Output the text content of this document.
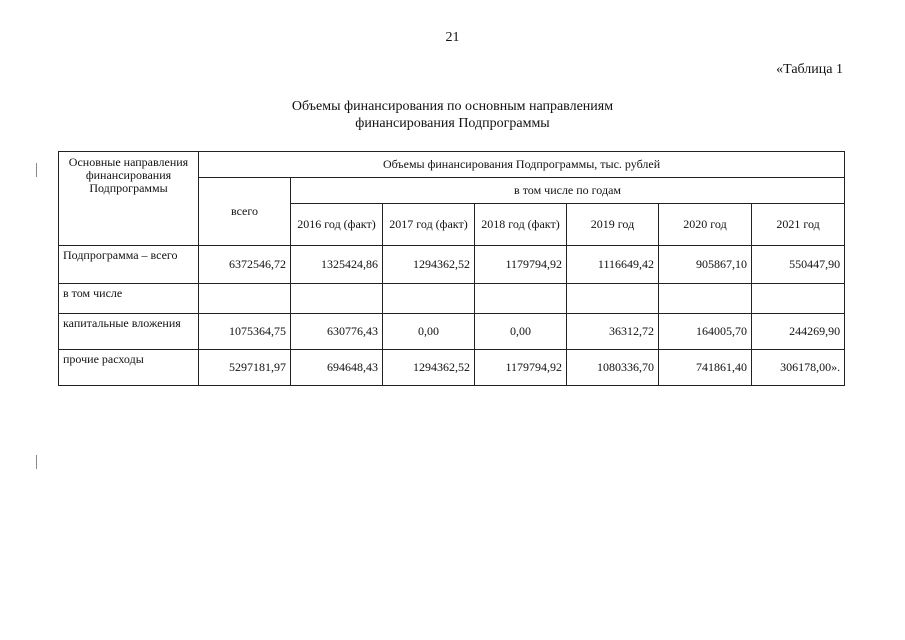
21
«Таблица 1
Объемы финансирования по основным направлениям
финансирования Подпрограммы
Основные направления финансирования Подпрограммы	Объемы финансирования Подпрограммы, тыс. рублей						
	всего	в том числе по годам					
		2016 год (факт)	2017 год (факт)	2018 год (факт)	2019 год	2020 год	2021 год
Подпрограмма – всего	6372546,72	1325424,86	1294362,52	1179794,92	1116649,42	905867,10	550447,90
в том числе							
капитальные вложения	1075364,75	630776,43	0,00	0,00	36312,72	164005,70	244269,90
прочие расходы	5297181,97	694648,43	1294362,52	1179794,92	1080336,70	741861,40	306178,00».
